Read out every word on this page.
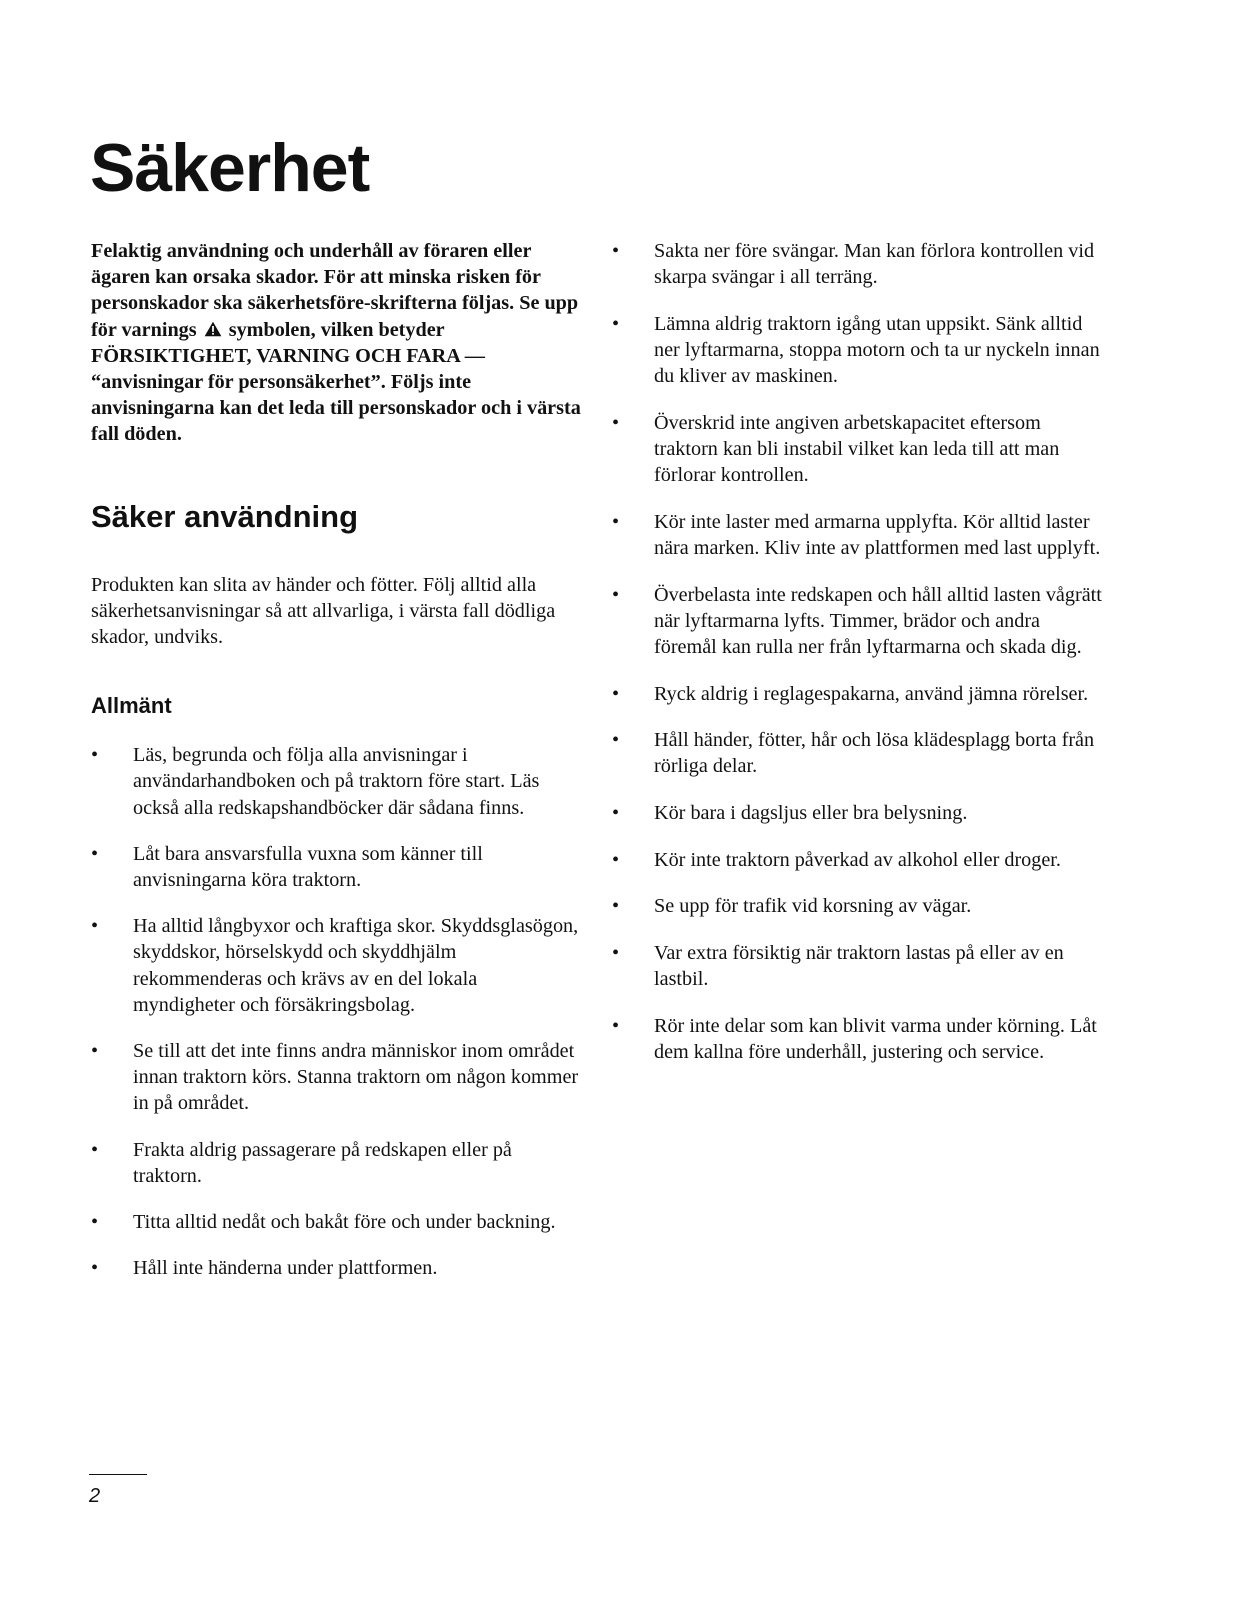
Säkerhet

Felaktig användning och underhåll av föraren eller ägaren kan orsaka skador. För att minska risken för personskador ska säkerhetsföre-skrifterna följas. Se upp för varnings symbolen, vilken betyder FÖRSIKTIGHET, VARNING OCH FARA — “anvisningar för personsäkerhet”. Följs inte anvisningarna kan det leda till personskador och i värsta fall döden.

Säker användning

Produkten kan slita av händer och fötter. Följ alltid alla säkerhetsanvisningar så att allvarliga, i värsta fall dödliga skador, undviks.

Allmänt
•	Läs, begrunda och följa alla anvisningar i användarhandboken och på traktorn före start. Läs också alla redskapshandböcker där sådana finns.
•	Låt bara ansvarsfulla vuxna som känner till anvisningarna köra traktorn.
•	Ha alltid långbyxor och kraftiga skor. Skyddsglasögon, skyddskor, hörselskydd och skyddhjälm rekommenderas och krävs av en del lokala myndigheter och försäkringsbolag.
•	Se till att det inte finns andra människor inom området innan traktorn körs. Stanna traktorn om någon kommer in på området.
•	Frakta aldrig passagerare på redskapen eller på traktorn.
•	Titta alltid nedåt och bakåt före och under backning.
•	Håll inte händerna under plattformen.
•	Sakta ner före svängar. Man kan förlora kontrollen vid skarpa svängar i all terräng.
•	Lämna aldrig traktorn igång utan uppsikt. Sänk alltid ner lyftarmarna, stoppa motorn och ta ur nyckeln innan du kliver av maskinen.
•	Överskrid inte angiven arbetskapacitet eftersom traktorn kan bli instabil vilket kan leda till att man förlorar kontrollen.
•	Kör inte laster med armarna upplyfta. Kör alltid laster nära marken. Kliv inte av plattformen med last upplyft.
•	Överbelasta inte redskapen och håll alltid lasten vågrätt när lyftarmarna lyfts. Timmer, brädor och andra föremål kan rulla ner från lyftarmarna och skada dig.
•	Ryck aldrig i reglagespakarna, använd jämna rörelser.
•	Håll händer, fötter, hår och lösa klädesplagg borta från rörliga delar.
•	Kör bara i dagsljus eller bra belysning.
•	Kör inte traktorn påverkad av alkohol eller droger.
•	Se upp för trafik vid korsning av vägar.
•	Var extra försiktig när traktorn lastas på eller av en lastbil.
•	Rör inte delar som kan blivit varma under körning. Låt dem kallna före underhåll, justering och service.
2
